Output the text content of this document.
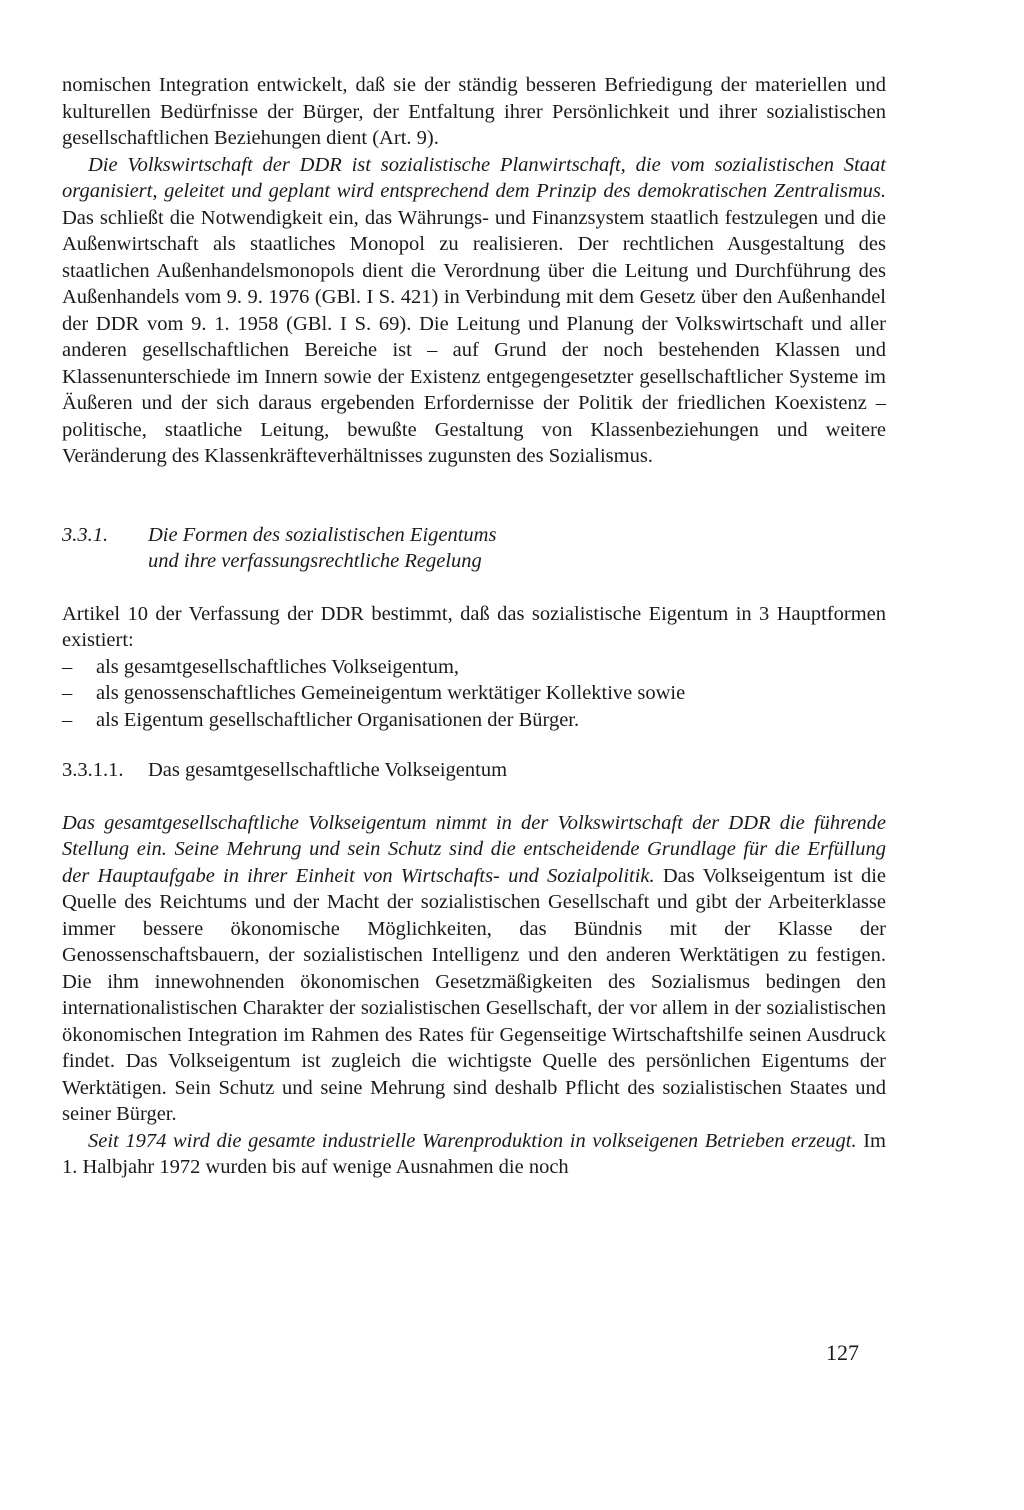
nomischen Integration entwickelt, daß sie der ständig besseren Befriedigung der materiellen und kulturellen Bedürfnisse der Bürger, der Entfaltung ihrer Persönlichkeit und ihrer sozialistischen gesellschaftlichen Beziehungen dient (Art. 9).

Die Volkswirtschaft der DDR ist sozialistische Planwirtschaft, die vom sozialistischen Staat organisiert, geleitet und geplant wird entsprechend dem Prinzip des demokratischen Zentralismus. Das schließt die Notwendigkeit ein, das Währungs- und Finanzsystem staatlich festzulegen und die Außenwirtschaft als staatliches Monopol zu realisieren. Der rechtlichen Ausgestaltung des staatlichen Außenhandelsmonopols dient die Verordnung über die Leitung und Durchführung des Außenhandels vom 9. 9. 1976 (GBl. I S. 421) in Verbindung mit dem Gesetz über den Außenhandel der DDR vom 9. 1. 1958 (GBl. I S. 69). Die Leitung und Planung der Volkswirtschaft und aller anderen gesellschaftlichen Bereiche ist – auf Grund der noch bestehenden Klassen und Klassenunterschiede im Innern sowie der Existenz entgegengesetzter gesellschaftlicher Systeme im Äußeren und der sich daraus ergebenden Erfordernisse der Politik der friedlichen Koexistenz – politische, staatliche Leitung, bewußte Gestaltung von Klassenbeziehungen und weitere Veränderung des Klassenkräfteverhältnisses zugunsten des Sozialismus.

3.3.1.	Die Formen des sozialistischen Eigentums
und ihre verfassungsrechtliche Regelung

Artikel 10 der Verfassung der DDR bestimmt, daß das sozialistische Eigentum in 3 Hauptformen existiert:

–	als gesamtgesellschaftliches Volkseigentum,
–	als genossenschaftliches Gemeineigentum werktätiger Kollektive sowie
–	als Eigentum gesellschaftlicher Organisationen der Bürger.
3.3.1.1.	Das gesamtgesellschaftliche Volkseigentum

Das gesamtgesellschaftliche Volkseigentum nimmt in der Volkswirtschaft der DDR die führende Stellung ein. Seine Mehrung und sein Schutz sind die entscheidende Grundlage für die Erfüllung der Hauptaufgabe in ihrer Einheit von Wirtschafts- und Sozialpolitik. Das Volkseigentum ist die Quelle des Reichtums und der Macht der sozialistischen Gesellschaft und gibt der Arbeiterklasse immer bessere ökonomische Möglichkeiten, das Bündnis mit der Klasse der Genossenschaftsbauern, der sozialistischen Intelligenz und den anderen Werktätigen zu festigen. Die ihm innewohnenden ökonomischen Gesetzmäßigkeiten des Sozialismus bedingen den internationalistischen Charakter der sozialistischen Gesellschaft, der vor allem in der sozialistischen ökonomischen Integration im Rahmen des Rates für Gegenseitige Wirtschaftshilfe seinen Ausdruck findet. Das Volkseigentum ist zugleich die wichtigste Quelle des persönlichen Eigentums der Werktätigen. Sein Schutz und seine Mehrung sind deshalb Pflicht des sozialistischen Staates und seiner Bürger.

Seit 1974 wird die gesamte industrielle Warenproduktion in volkseigenen Betrieben erzeugt. Im 1. Halbjahr 1972 wurden bis auf wenige Ausnahmen die noch

127
